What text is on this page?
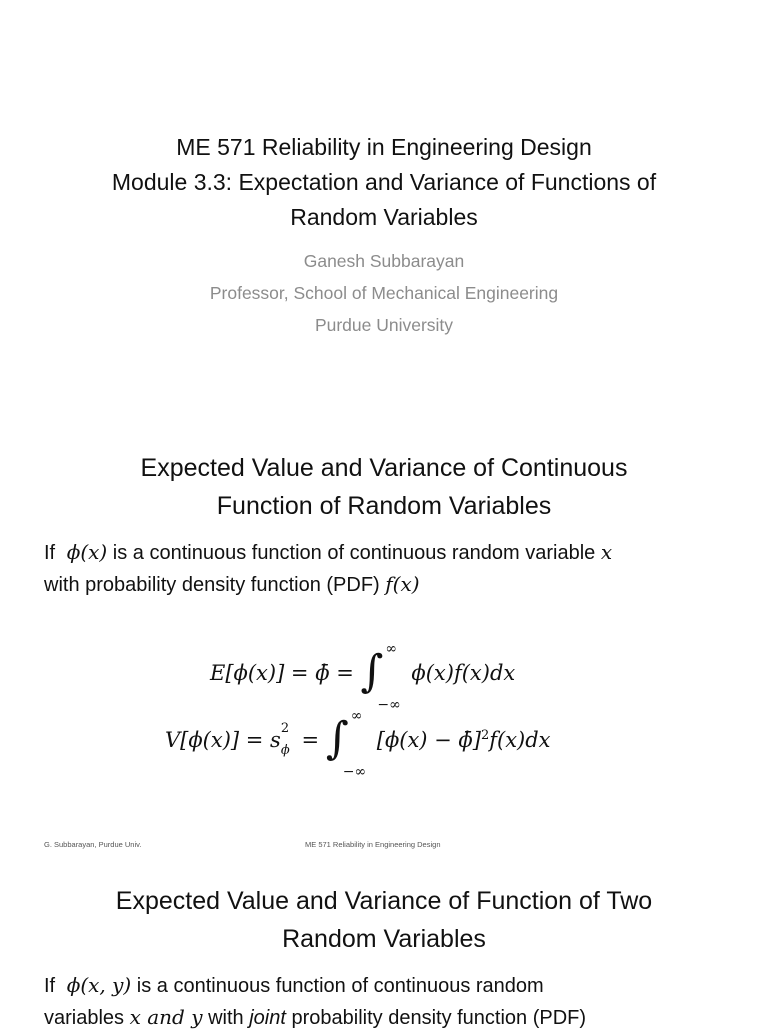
ME 571 Reliability in Engineering Design
Module 3.3: Expectation and Variance of Functions of
Random Variables
Ganesh Subbarayan
Professor, School of Mechanical Engineering
Purdue University
Expected Value and Variance of Continuous
Function of Random Variables
If ϕ(x) is a continuous function of continuous random variable x
with probability density function (PDF) f(x)
E[ϕ(x)] = ϕ̄ = ∫ ∞
−∞
ϕ(x)f(x)dx
V[ϕ(x)] = s 2
ϕ = ∫ ∞
−∞
[ϕ(x) − ϕ̄]$^2$f(x)dx
G. Subbarayan, Purdue Univ.	ME 571 Reliability in Engineering Design
Expected Value and Variance of Function of Two
Random Variables
If ϕ(x, y) is a continuous function of continuous random
variables x and y with joint probability density function (PDF)
